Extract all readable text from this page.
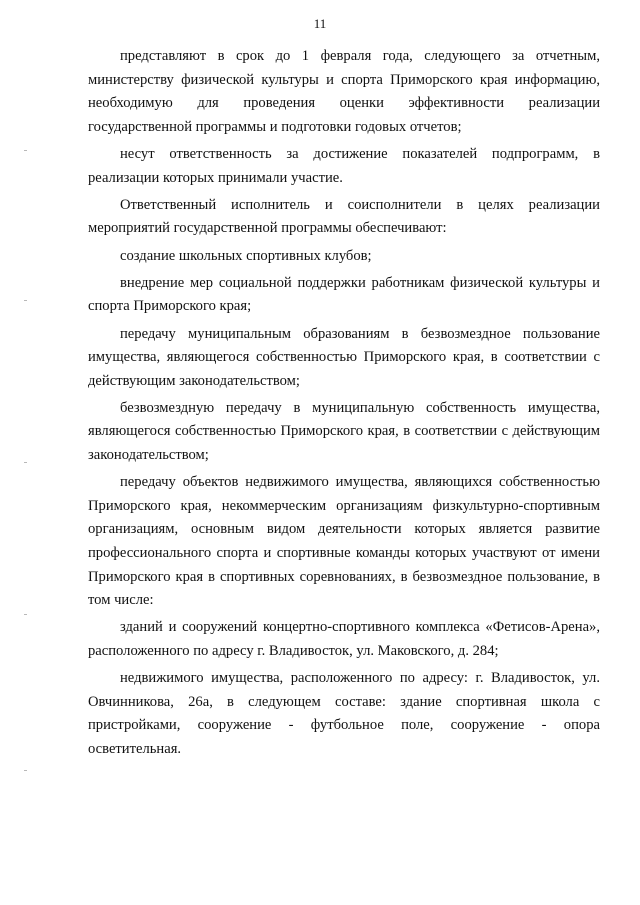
11

представляют в срок до 1 февраля года, следующего за отчетным, министерству физической культуры и спорта Приморского края информацию, необходимую для проведения оценки эффективности реализации государственной программы и подготовки годовых отчетов;

несут ответственность за достижение показателей подпрограмм, в реализации которых принимали участие.

Ответственный исполнитель и соисполнители в целях реализации мероприятий государственной программы обеспечивают:

создание школьных спортивных клубов;

внедрение мер социальной поддержки работникам физической культуры и спорта Приморского края;

передачу муниципальным образованиям в безвозмездное пользование имущества, являющегося собственностью Приморского края, в соответствии с действующим законодательством;

безвозмездную передачу в муниципальную собственность имущества, являющегося собственностью Приморского края, в соответствии с действующим законодательством;

передачу объектов недвижимого имущества, являющихся собственностью Приморского края, некоммерческим организациям физкультурно-спортивным организациям, основным видом деятельности которых является развитие профессионального спорта и спортивные команды которых участвуют от имени Приморского края в спортивных соревнованиях, в безвозмездное пользование, в том числе:

зданий и сооружений концертно-спортивного комплекса «Фетисов-Арена», расположенного по адресу г. Владивосток, ул. Маковского, д. 284;

недвижимого имущества, расположенного по адресу: г. Владивосток, ул. Овчинникова, 26а, в следующем составе: здание спортивная школа с пристройками, сооружение - футбольное поле, сооружение - опора осветительная.
